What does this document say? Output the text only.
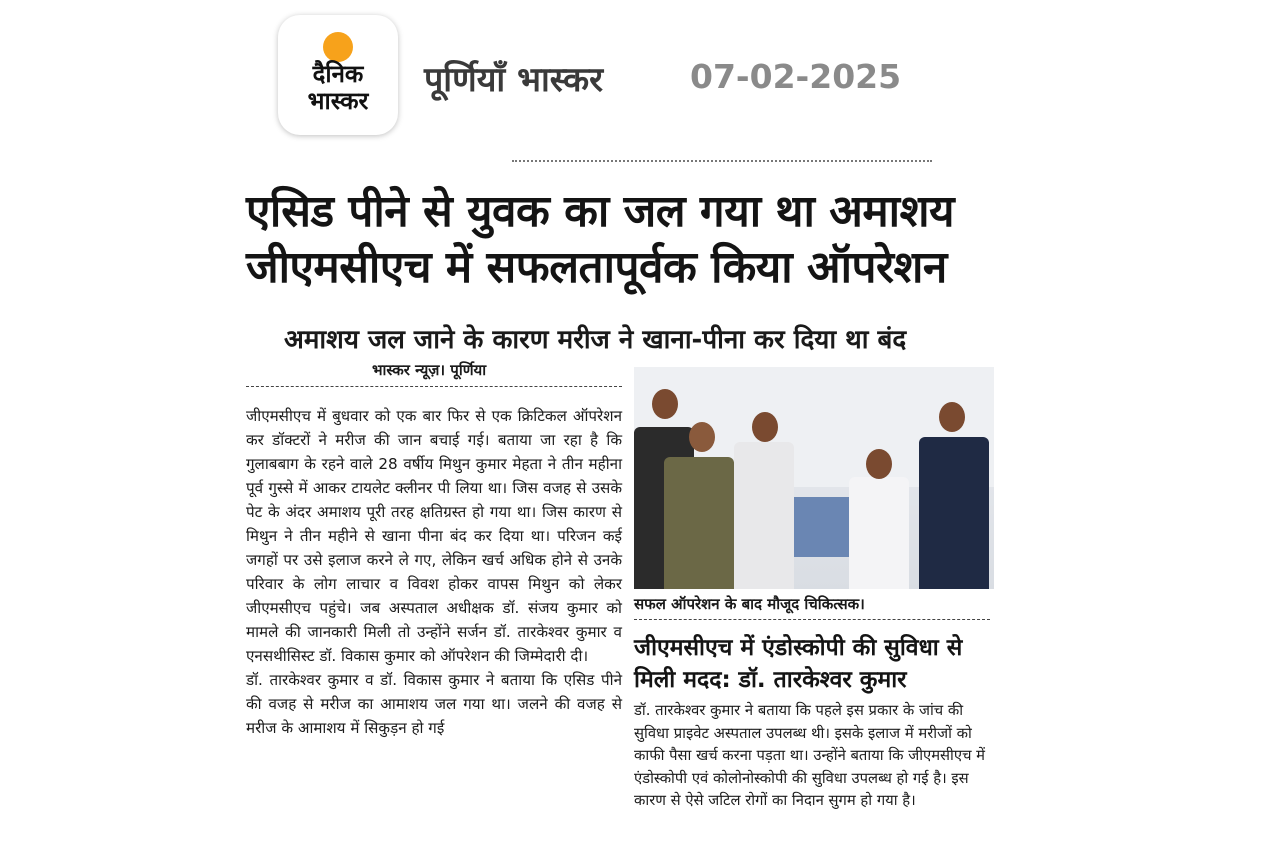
दैनिक
भास्कर
पूर्णियाँ भास्कर	07-02-2025
एसिड पीने से युवक का जल गया था अमाशय
जीएमसीएच में सफलतापूर्वक किया ऑपरेशन
अमाशय जल जाने के कारण मरीज ने खाना-पीना कर दिया था बंद
भास्कर न्यूज़। पूर्णिया

जीएमसीएच में बुधवार को एक बार फिर से एक क्रिटिकल ऑपरेशन कर डॉक्टरों ने मरीज की जान बचाई गई। बताया जा रहा है कि गुलाबबाग के रहने वाले 28 वर्षीय मिथुन कुमार मेहता ने तीन महीना पूर्व गुस्से में आकर टायलेट क्लीनर पी लिया था। जिस वजह से उसके पेट के अंदर अमाशय पूरी तरह क्षतिग्रस्त हो गया था। जिस कारण से मिथुन ने तीन महीने से खाना पीना बंद कर दिया था। परिजन कई जगहों पर उसे इलाज करने ले गए, लेकिन खर्च अधिक होने से उनके परिवार के लोग लाचार व विवश होकर वापस मिथुन को लेकर जीएमसीएच पहुंचे। जब अस्पताल अधीक्षक डॉ. संजय कुमार को मामले की जानकारी मिली तो उन्होंने सर्जन डॉ. तारकेश्वर कुमार व एनसथीसिस्ट डॉ. विकास कुमार को ऑपरेशन की जिम्मेदारी दी।

डॉ. तारकेश्वर कुमार व डॉ. विकास कुमार ने बताया कि एसिड पीने की वजह से मरीज का आमाशय जल गया था। जलने की वजह से मरीज के आमाशय में सिकुड़न हो गई

सफल ऑपरेशन के बाद मौजूद चिकित्सक।
जीएमसीएच में एंडोस्कोपी की सुविधा से
मिली मदद: डॉ. तारकेश्वर कुमार
डॉ. तारकेश्वर कुमार ने बताया कि पहले इस प्रकार के जांच की सुविधा प्राइवेट अस्पताल उपलब्ध थी। इसके इलाज में मरीजों को काफी पैसा खर्च करना पड़ता था। उन्होंने बताया कि जीएमसीएच में एंडोस्कोपी एवं कोलोनोस्कोपी की सुविधा उपलब्ध हो गई है। इस कारण से ऐसे जटिल रोगों का निदान सुगम हो गया है।
